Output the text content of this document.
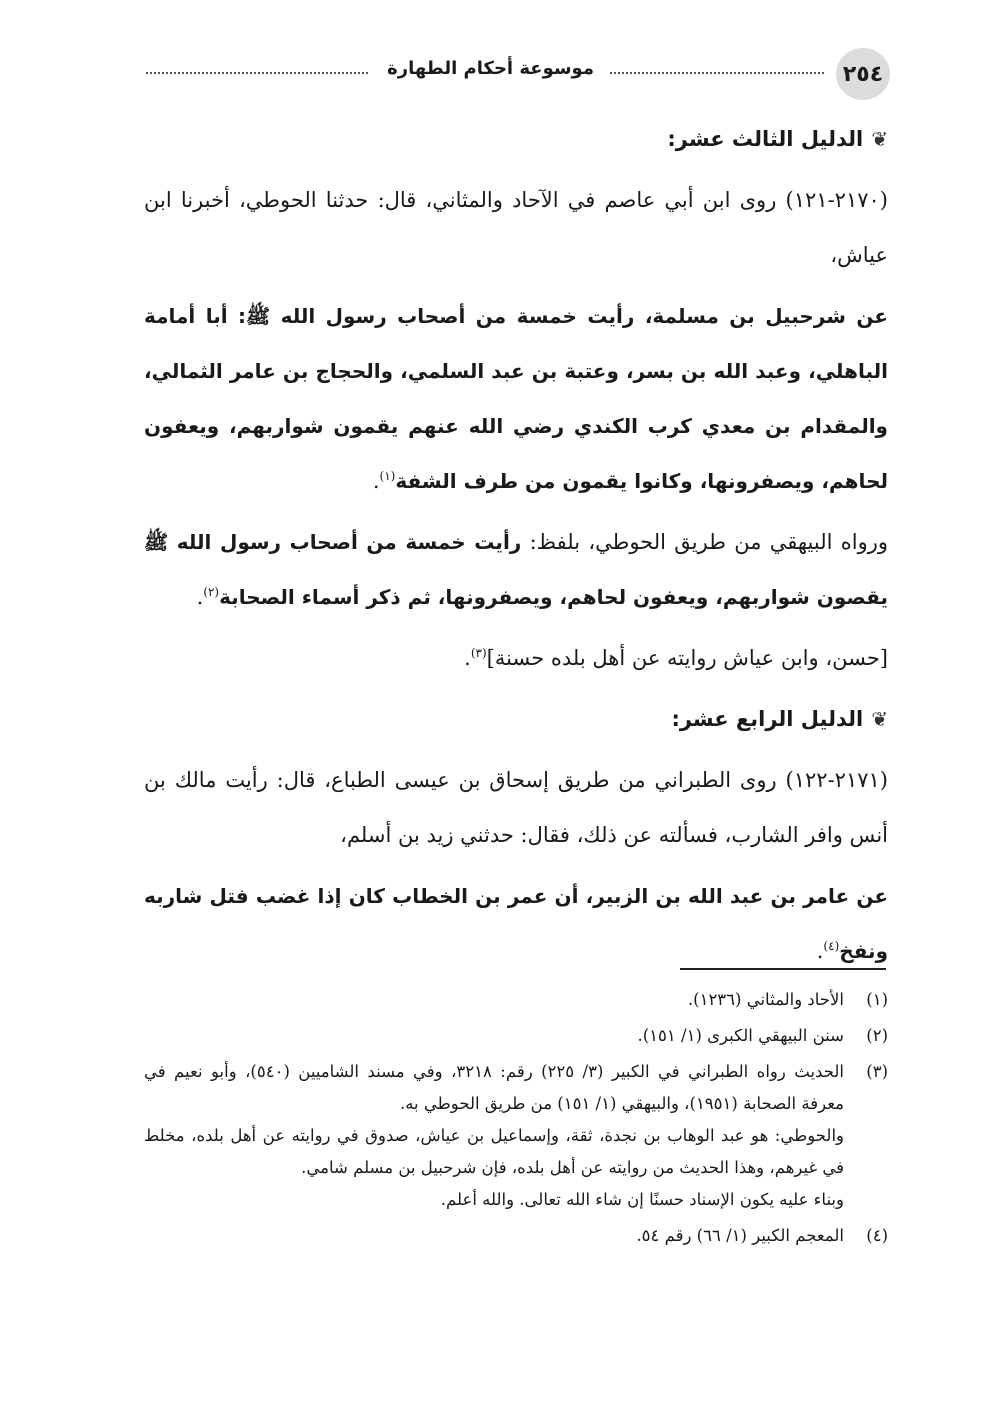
٢٥٤
موسوعة أحكام الطهارة

❦
الدليل الثالث عشر:

(٢١٧٠-١٢١) روى ابن أبي عاصم في الآحاد والمثاني، قال: حدثنا الحوطي، أخبرنا ابن عياش،

عن شرحبيل بن مسلمة، رأيت خمسة من أصحاب رسول الله ﷺ: أبا أمامة الباهلي، وعبد الله بن بسر، وعتبة بن عبد السلمي، والحجاج بن عامر الثمالي، والمقدام بن معدي كرب الكندي رضي الله عنهم يقمون شواربهم، ويعفون لحاهم، ويصفرونها، وكانوا يقمون من طرف الشفة$^{(١)}$.

ورواه البيهقي من طريق الحوطي، بلفظ: رأيت خمسة من أصحاب رسول الله ﷺ يقصون شواربهم، ويعفون لحاهم، ويصفرونها، ثم ذكر أسماء الصحابة$^{(٢)}$.

[حسن، وابن عياش روايته عن أهل بلده حسنة]$^{(٣)}$.

❦
الدليل الرابع عشر:

(٢١٧١-١٢٢) روى الطبراني من طريق إسحاق بن عيسى الطباع، قال: رأيت مالك بن أنس وافر الشارب، فسألته عن ذلك، فقال: حدثني زيد بن أسلم،

عن عامر بن عبد الله بن الزبير، أن عمر بن الخطاب كان إذا غضب فتل شاربه ونفخ$^{(٤)}$.

(١)
الأحاد والمثاني (١٢٣٦).
(٢)
سنن البيهقي الكبرى (١/ ١٥١).
(٣)
الحديث رواه الطبراني في الكبير (٣/ ٢٢٥) رقم: ٣٢١٨، وفي مسند الشاميين (٥٤٠)، وأبو نعيم في معرفة الصحابة (١٩٥١)، والبيهقي (١/ ١٥١) من طريق الحوطي به.
والحوطي: هو عبد الوهاب بن نجدة، ثقة، وإسماعيل بن عياش، صدوق في روايته عن أهل بلده، مخلط في غيرهم، وهذا الحديث من روايته عن أهل بلده، فإن شرحبيل بن مسلم شامي.
وبناء عليه يكون الإسناد حسنًا إن شاء الله تعالى. والله أعلم.
(٤)
المعجم الكبير (١/ ٦٦) رقم ٥٤.
